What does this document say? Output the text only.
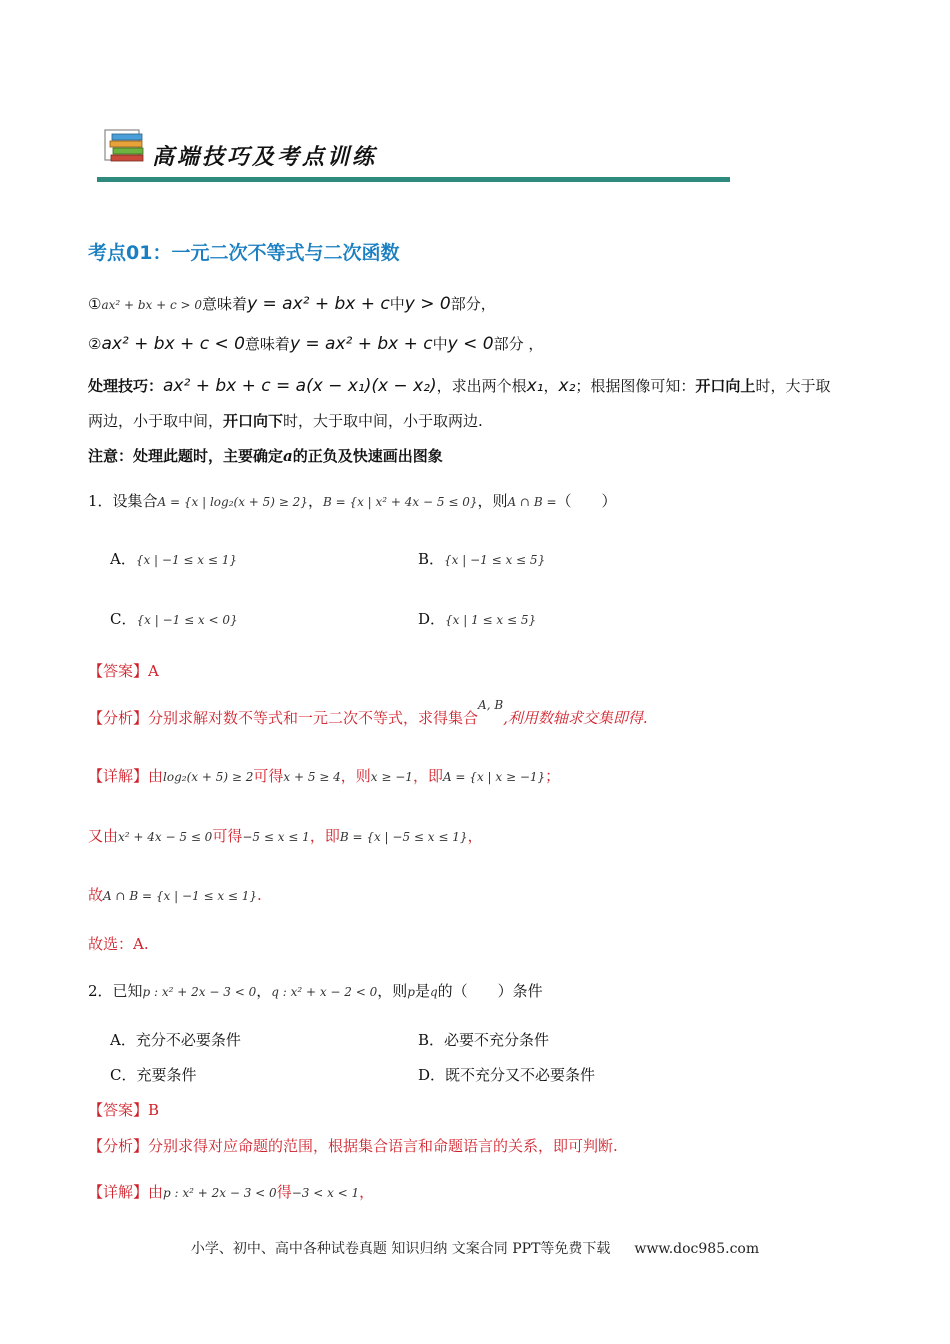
高端技巧及考点训练
考点01：一元二次不等式与二次函数
①ax² + bx + c > 0意味着y = ax² + bx + c中y > 0部分，
②ax² + bx + c < 0意味着y = ax² + bx + c中y < 0部分 ，
处理技巧：ax² + bx + c = a(x − x₁)(x − x₂)，求出两个根x₁，x₂；根据图像可知：开口向上时，大于取
两边，小于取中间，开口向下时，大于取中间，小于取两边.
注意：处理此题时，主要确定a的正负及快速画出图象
1．设集合A = {x | log₂(x + 5) ≥ 2}，B = {x | x² + 4x − 5 ≤ 0}，则A ∩ B =（　　）
A．{x | −1 ≤ x ≤ 1}	B．{x | −1 ≤ x ≤ 5}
C．{x | −1 ≤ x < 0}	D．{x | 1 ≤ x ≤ 5}
【答案】A
【分析】分别求解对数不等式和一元二次不等式，求得集合$^{A, B}$,利用数轴求交集即得.
【详解】由log₂(x + 5) ≥ 2可得x + 5 ≥ 4，则x ≥ −1，即A = {x | x ≥ −1}；
又由x² + 4x − 5 ≤ 0可得−5 ≤ x ≤ 1，即B = {x | −5 ≤ x ≤ 1}，
故A ∩ B = {x | −1 ≤ x ≤ 1}.
故选：A.
2．已知p : x² + 2x − 3 < 0，q : x² + x − 2 < 0，则p是q的（　　）条件
A．充分不必要条件	B．必要不充分条件
C．充要条件	D．既不充分又不必要条件
【答案】B
【分析】分别求得对应命题的范围，根据集合语言和命题语言的关系，即可判断.
【详解】由p : x² + 2x − 3 < 0得−3 < x < 1，
小学、初中、高中各种试卷真题 知识归纳 文案合同 PPT等免费下载 www.doc985.com
